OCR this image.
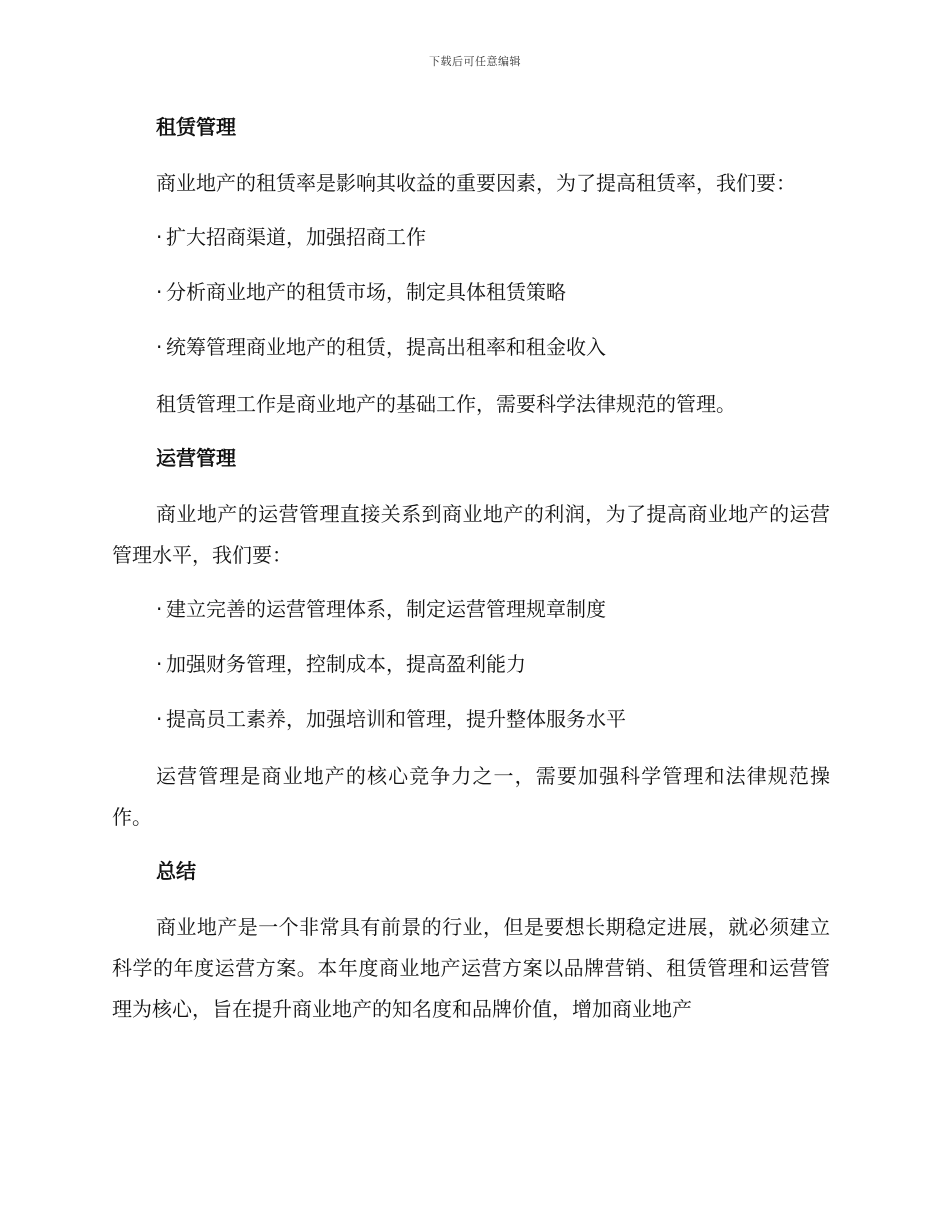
下载后可任意编辑
租赁管理

商业地产的租赁率是影响其收益的重要因素，为了提高租赁率，我们要：

· 扩大招商渠道，加强招商工作
· 分析商业地产的租赁市场，制定具体租赁策略
· 统筹管理商业地产的租赁，提高出租率和租金收入

租赁管理工作是商业地产的基础工作，需要科学法律规范的管理。

运营管理

商业地产的运营管理直接关系到商业地产的利润，为了提高商业地产的运营管理水平，我们要：

· 建立完善的运营管理体系，制定运营管理规章制度
· 加强财务管理，控制成本，提高盈利能力
· 提高员工素养，加强培训和管理，提升整体服务水平

运营管理是商业地产的核心竞争力之一，需要加强科学管理和法律规范操作。

总结

商业地产是一个非常具有前景的行业，但是要想长期稳定进展，就必须建立科学的年度运营方案。本年度商业地产运营方案以品牌营销、租赁管理和运营管理为核心，旨在提升商业地产的知名度和品牌价值，增加商业地产
